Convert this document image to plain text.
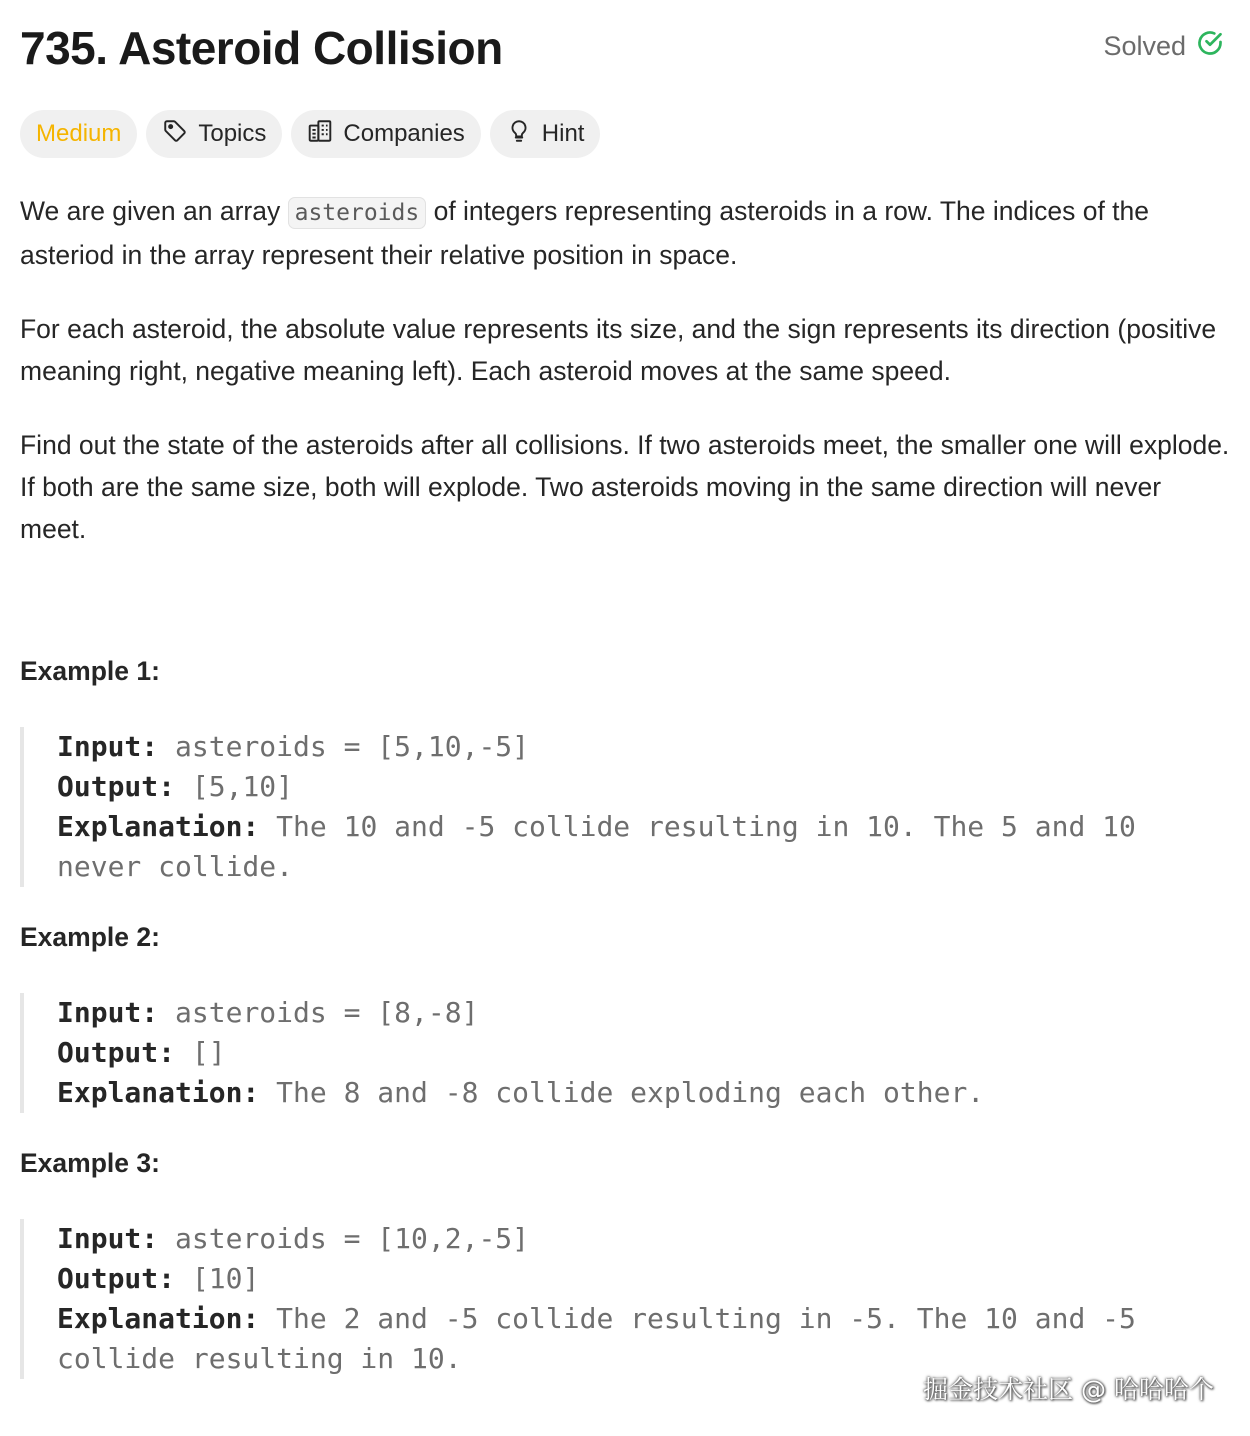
735. Asteroid Collision	Solved
Medium	Topics	Companies	Hint

We are given an array asteroids of integers representing asteroids in a row. The indices of the asteriod in the array represent their relative position in space.

For each asteroid, the absolute value represents its size, and the sign represents its direction (positive meaning right, negative meaning left). Each asteroid moves at the same speed.

Find out the state of the asteroids after all collisions. If two asteroids meet, the smaller one will explode. If both are the same size, both will explode. Two asteroids moving in the same direction will never meet.

Example 1:
Input: asteroids = [5,10,-5]
Output: [5,10]
Explanation: The 10 and -5 collide resulting in 10. The 5 and 10 never collide.
Example 2:
Input: asteroids = [8,-8]
Output: []
Explanation: The 8 and -8 collide exploding each other.
Example 3:
Input: asteroids = [10,2,-5]
Output: [10]
Explanation: The 2 and -5 collide resulting in -5. The 10 and -5 collide resulting in 10.
掘金技术社区 @ 哈哈哈个
